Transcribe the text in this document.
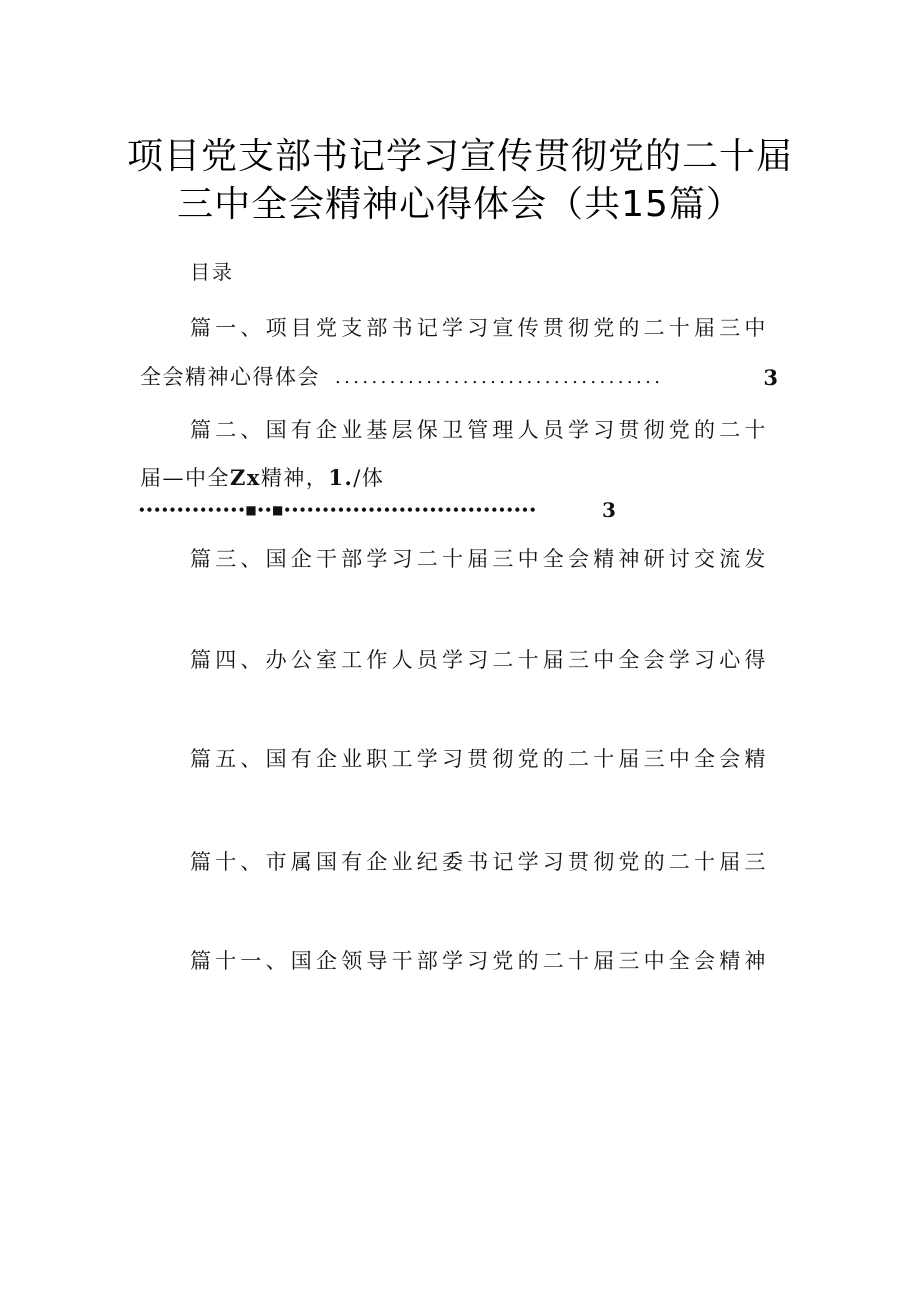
项目党支部书记学习宣传贯彻党的二十届
三中全会精神心得体会（共15篇）
目录
篇一、项目党支部书记学习宣传贯彻党的二十届三中
全会精神心得体会 ....................................	3
篇二、国有企业基层保卫管理人员学习贯彻党的二十
届—中全Zx精神，1./体
••••••••••••••■••■•••••••••••••••••••••••••••••••••	3
篇三、国企干部学习二十届三中全会精神研讨交流发
篇四、办公室工作人员学习二十届三中全会学习心得
篇五、国有企业职工学习贯彻党的二十届三中全会精
篇十、市属国有企业纪委书记学习贯彻党的二十届三
篇十一、国企领导干部学习党的二十届三中全会精神
